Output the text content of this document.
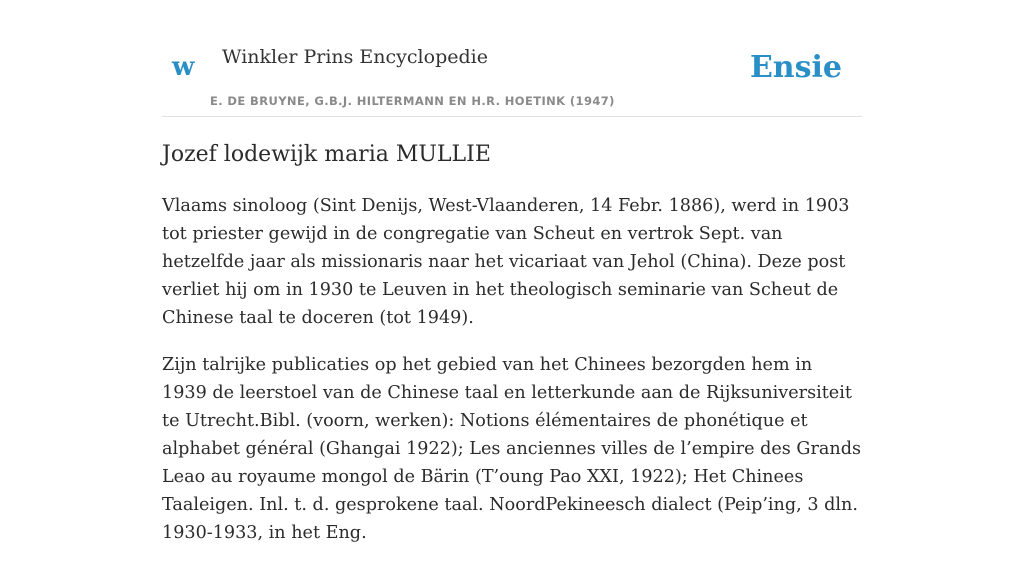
w Winkler Prins Encyclopedie
E. DE BRUYNE, G.B.J. HILTERMANN EN H.R. HOETINK (1947)
Ensie
Jozef lodewijk maria MULLIE

Vlaams sinoloog (Sint Denijs, West-Vlaanderen, 14 Febr. 1886), werd in 1903 tot priester gewijd in de congregatie van Scheut en vertrok Sept. van hetzelfde jaar als missionaris naar het vicariaat van Jehol (China). Deze post verliet hij om in 1930 te Leuven in het theologisch seminarie van Scheut de Chinese taal te doceren (tot 1949).

Zijn talrijke publicaties op het gebied van het Chinees bezorgden hem in 1939 de leerstoel van de Chinese taal en letterkunde aan de Rijksuniversiteit te Utrecht.Bibl. (voorn, werken): Notions élémentaires de phonétique et alphabet général (Ghangai 1922); Les anciennes villes de l’empire des Grands Leao au royaume mongol de Bärin (T’oung Pao XXI, 1922); Het Chinees Taaleigen. Inl. t. d. gesprokene taal. NoordPekineesch dialect (Peip’ing, 3 dln. 1930-1933, in het Eng.
